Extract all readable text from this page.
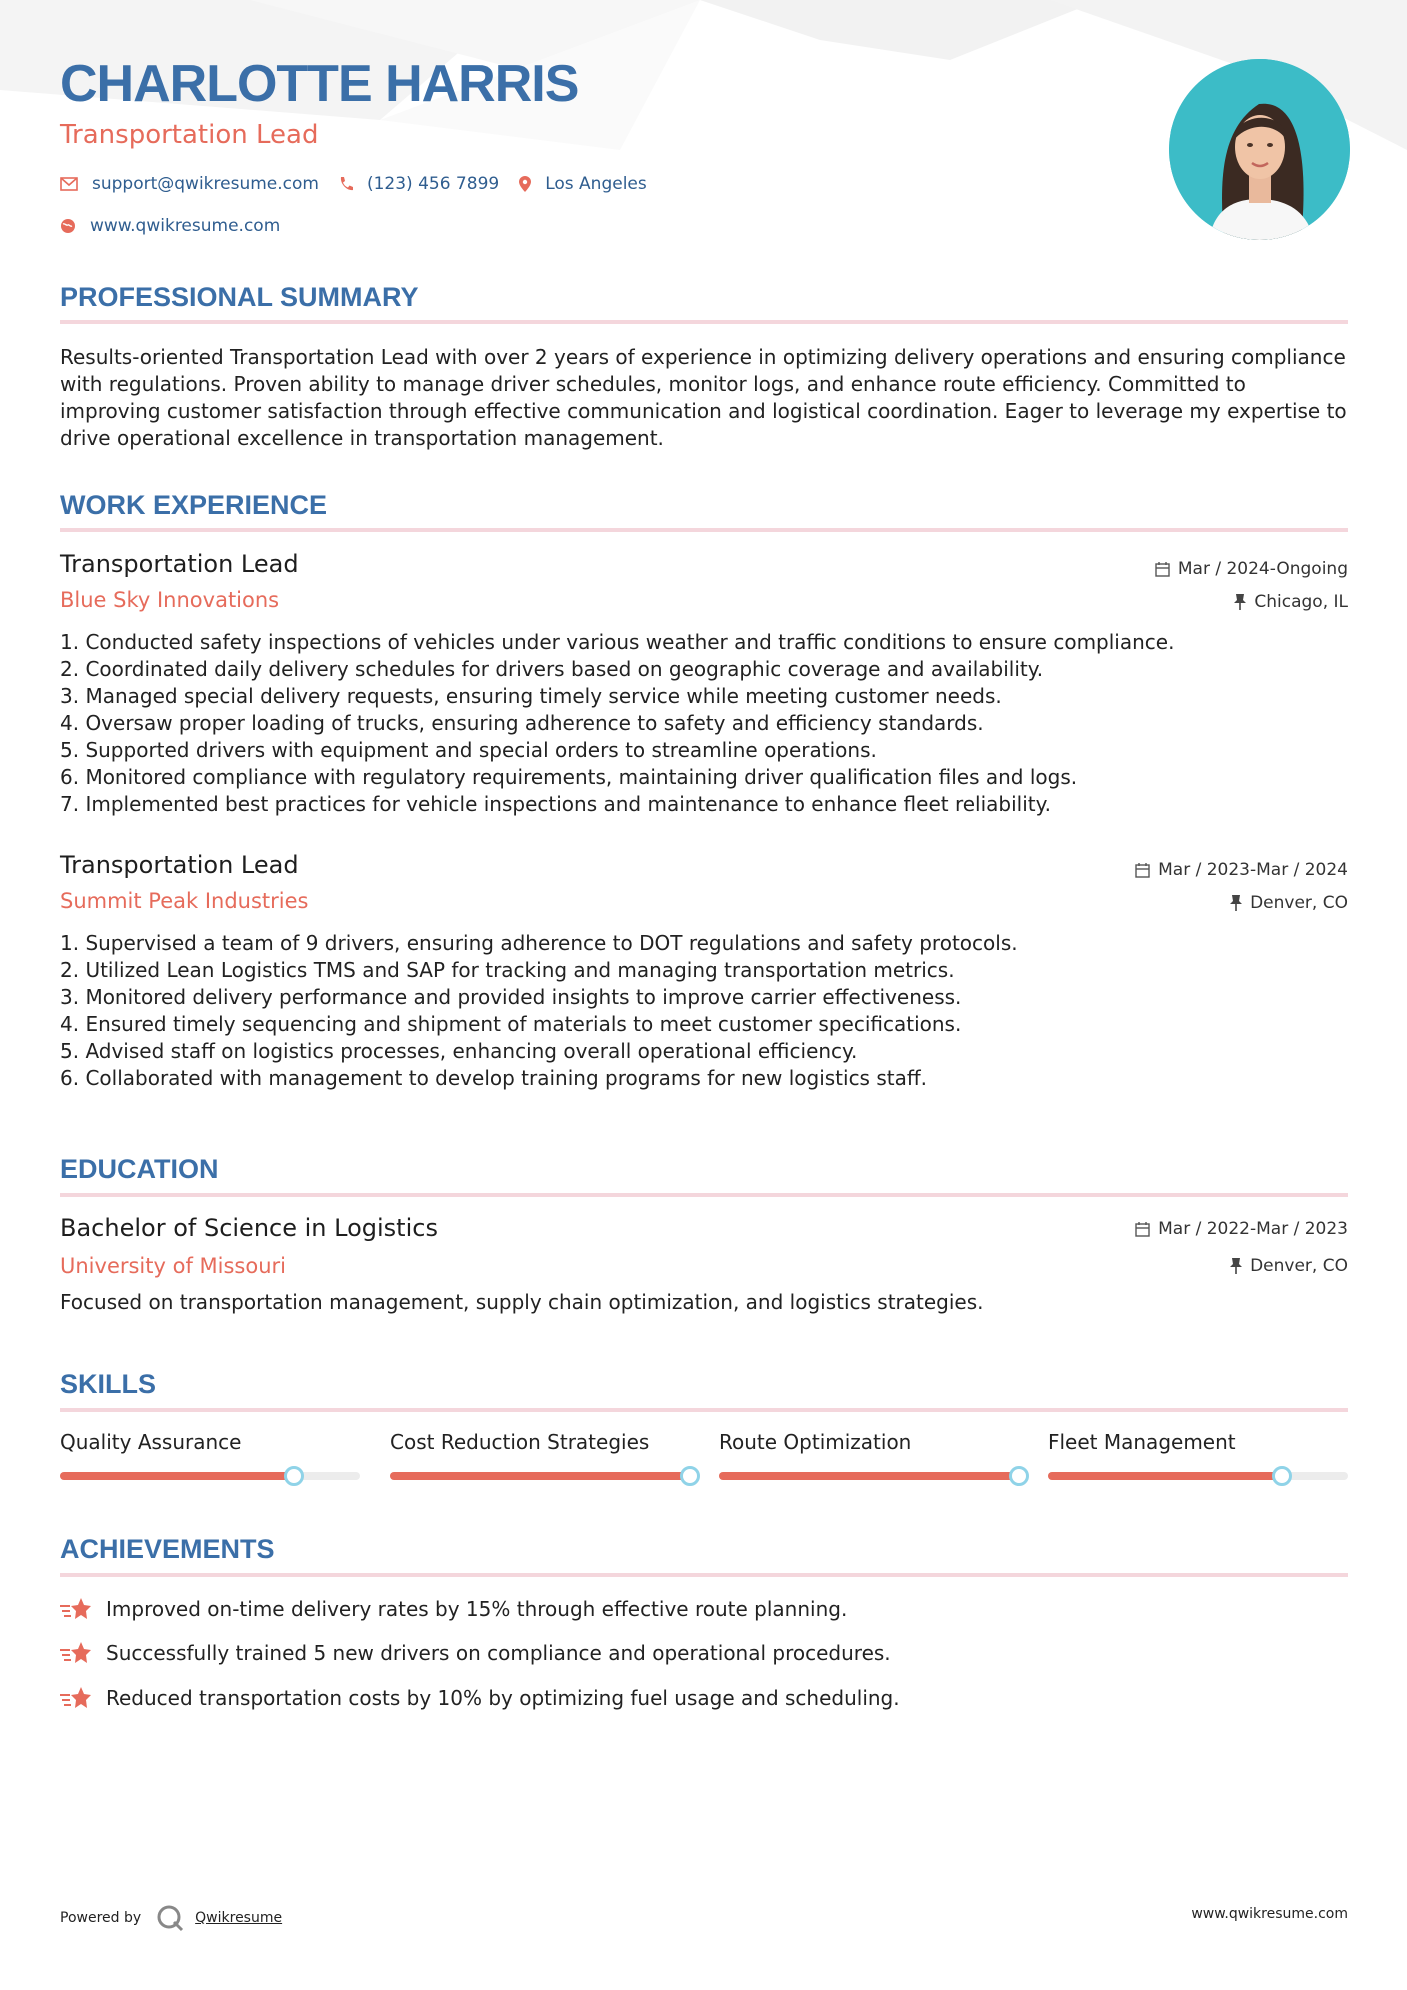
CHARLOTTE HARRIS

Transportation Lead

support@qwikresume.com	(123) 456 7899	Los Angeles
www.qwikresume.com
PROFESSIONAL SUMMARY

Results-oriented Transportation Lead with over 2 years of experience in optimizing delivery operations and ensuring compliance with regulations. Proven ability to manage driver schedules, monitor logs, and enhance route efficiency. Committed to improving customer satisfaction through effective communication and logistical coordination. Eager to leverage my expertise to drive operational excellence in transportation management.

WORK EXPERIENCE

Transportation Lead

Blue Sky Innovations

Mar / 2024-Ongoing
Chicago, IL
1. Conducted safety inspections of vehicles under various weather and traffic conditions to ensure compliance.
2. Coordinated daily delivery schedules for drivers based on geographic coverage and availability.
3. Managed special delivery requests, ensuring timely service while meeting customer needs.
4. Oversaw proper loading of trucks, ensuring adherence to safety and efficiency standards.
5. Supported drivers with equipment and special orders to streamline operations.
6. Monitored compliance with regulatory requirements, maintaining driver qualification files and logs.
7. Implemented best practices for vehicle inspections and maintenance to enhance fleet reliability.

Transportation Lead

Summit Peak Industries

Mar / 2023-Mar / 2024
Denver, CO
1. Supervised a team of 9 drivers, ensuring adherence to DOT regulations and safety protocols.
2. Utilized Lean Logistics TMS and SAP for tracking and managing transportation metrics.
3. Monitored delivery performance and provided insights to improve carrier effectiveness.
4. Ensured timely sequencing and shipment of materials to meet customer specifications.
5. Advised staff on logistics processes, enhancing overall operational efficiency.
6. Collaborated with management to develop training programs for new logistics staff.
EDUCATION

Bachelor of Science in Logistics

University of Missouri

Mar / 2022-Mar / 2023
Denver, CO

Focused on transportation management, supply chain optimization, and logistics strategies.

SKILLS

Quality Assurance	Cost Reduction Strategies	Route Optimization	Fleet Management

ACHIEVEMENTS
Improved on-time delivery rates by 15% through effective route planning.
Successfully trained 5 new drivers on compliance and operational procedures.
Reduced transportation costs by 10% by optimizing fuel usage and scheduling.
Powered by	Qwikresume	www.qwikresume.com
